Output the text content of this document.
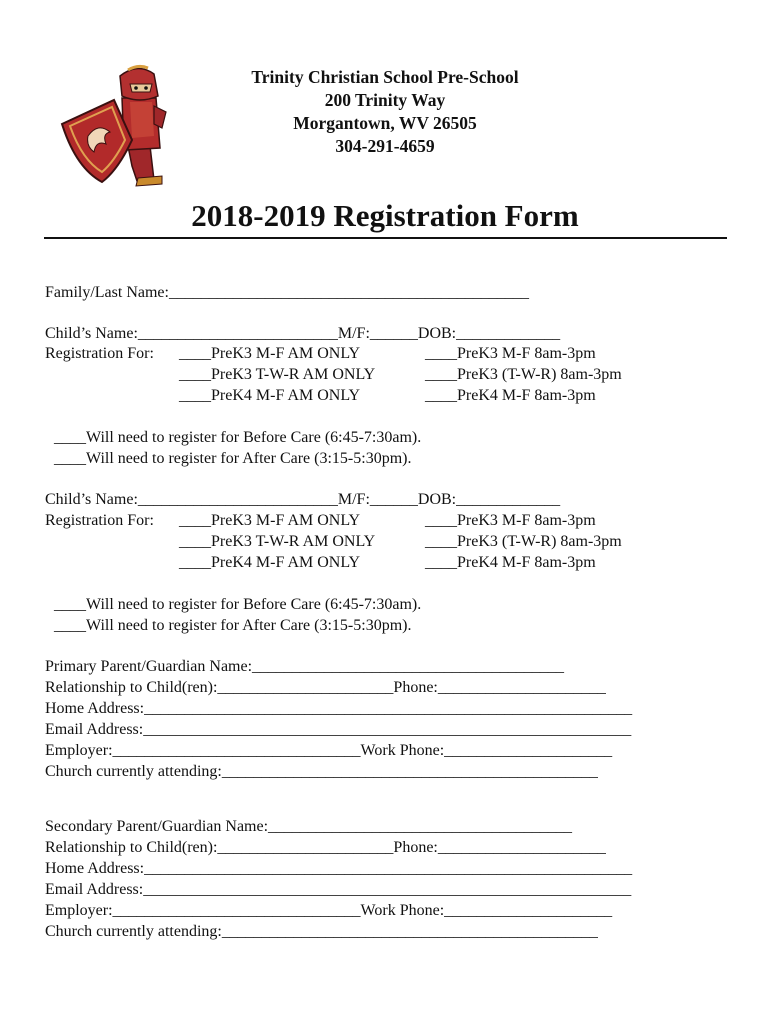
Trinity Christian School Pre-School
200 Trinity Way
Morgantown, WV 26505
304-291-4659
2018-2019 Registration Form
Family/Last Name:_____________________________________________
Child’s Name:_________________________M/F:______DOB:_____________
Registration For: ____PreK3 M-F AM ONLY
____PreK3 T-W-R AM ONLY
____PreK4 M-F AM ONLY
____PreK3 M-F 8am-3pm
____PreK3 (T-W-R) 8am-3pm
____PreK4 M-F 8am-3pm
____Will need to register for Before Care (6:45-7:30am).
____Will need to register for After Care (3:15-5:30pm).
Child’s Name:_________________________M/F:______DOB:_____________
Registration For: ____PreK3 M-F AM ONLY
____PreK3 T-W-R AM ONLY
____PreK4 M-F AM ONLY
____PreK3 M-F 8am-3pm
____PreK3 (T-W-R) 8am-3pm
____PreK4 M-F 8am-3pm
____Will need to register for Before Care (6:45-7:30am).
____Will need to register for After Care (3:15-5:30pm).
Primary Parent/Guardian Name:_______________________________________
Relationship to Child(ren):______________________Phone:_____________________
Home Address:_____________________________________________________________
Email Address:_____________________________________________________________
Employer:_______________________________Work Phone:_____________________
Church currently attending:_______________________________________________
Secondary Parent/Guardian Name:______________________________________
Relationship to Child(ren):______________________Phone:_____________________
Home Address:_____________________________________________________________
Email Address:_____________________________________________________________
Employer:_______________________________Work Phone:_____________________
Church currently attending:_______________________________________________
